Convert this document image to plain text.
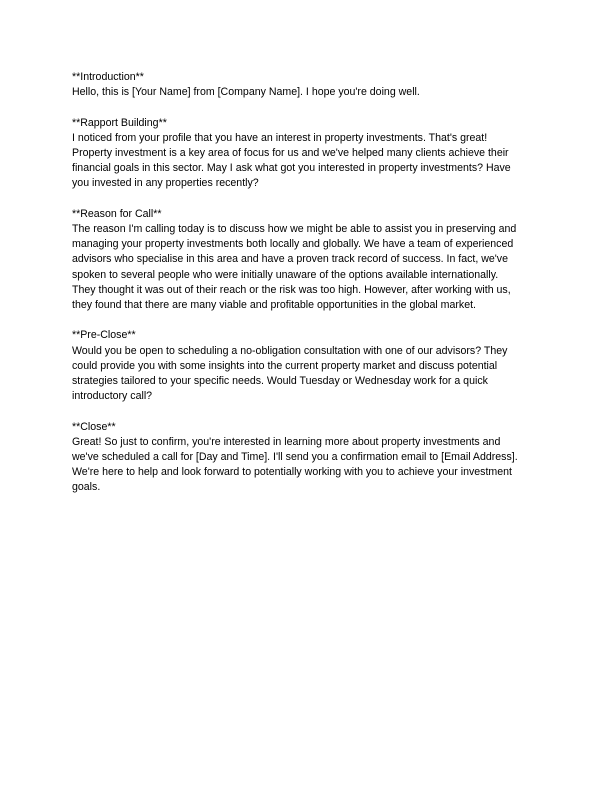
**Introduction**
Hello, this is [Your Name] from [Company Name]. I hope you're doing well.
**Rapport Building**
I noticed from your profile that you have an interest in property investments. That's great!
Property investment is a key area of focus for us and we've helped many clients achieve their
financial goals in this sector. May I ask what got you interested in property investments? Have
you invested in any properties recently?
**Reason for Call**
The reason I'm calling today is to discuss how we might be able to assist you in preserving and
managing your property investments both locally and globally. We have a team of experienced
advisors who specialise in this area and have a proven track record of success. In fact, we've
spoken to several people who were initially unaware of the options available internationally.
They thought it was out of their reach or the risk was too high. However, after working with us,
they found that there are many viable and profitable opportunities in the global market.
**Pre-Close**
Would you be open to scheduling a no-obligation consultation with one of our advisors? They
could provide you with some insights into the current property market and discuss potential
strategies tailored to your specific needs. Would Tuesday or Wednesday work for a quick
introductory call?
**Close**
Great! So just to confirm, you're interested in learning more about property investments and
we've scheduled a call for [Day and Time]. I'll send you a confirmation email to [Email Address].
We're here to help and look forward to potentially working with you to achieve your investment
goals.
